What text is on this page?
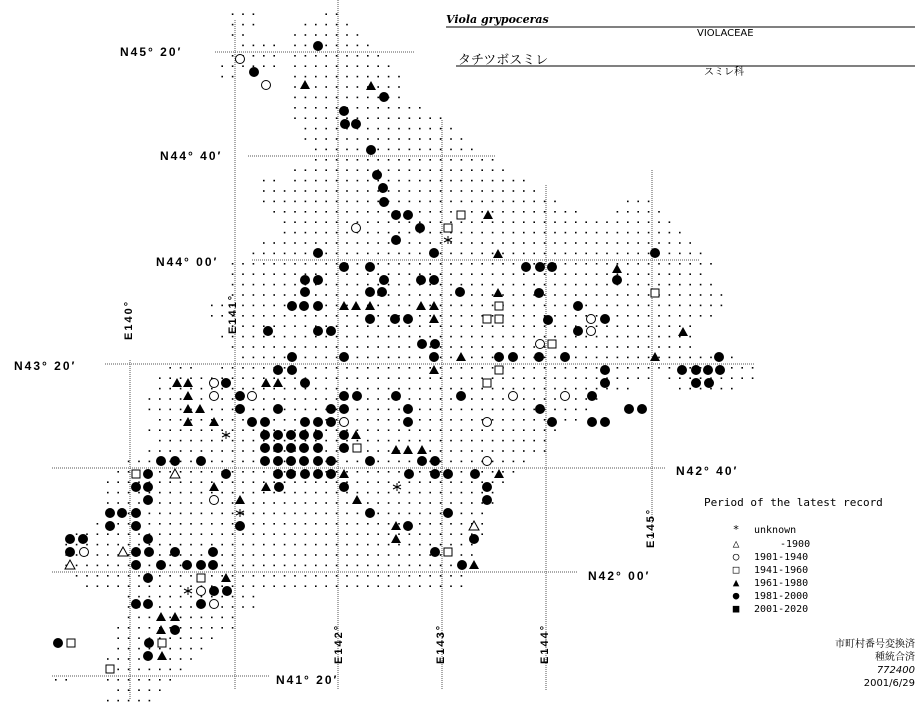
Viola grypoceras
VIOLACEAE
タチツボスミレ
スミレ科
N45° 20′
N44° 40′
N44° 00′
N43° 20′
N42° 40′
N42° 00′
N41° 20′
E140°	E141°
E142°	E143°	E144°
E145°
Period of the latest record
* unknown
△	-1900
○ 1901-1940
□ 1941-1960
▲ 1961-1980
● 1981-2000
■ 2001-2020
市町村番号変換済
種統合済
772400
2001/6/29
